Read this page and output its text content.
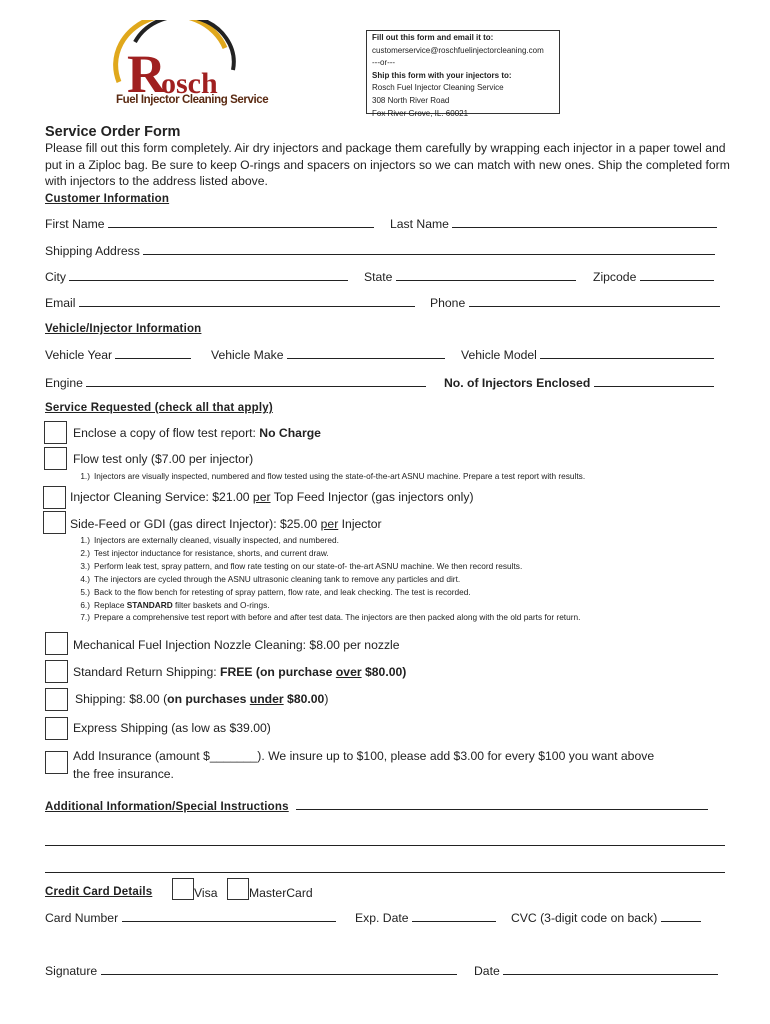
R
osch
Fuel Injector Cleaning Service
Fill out this form and email it to:
customerservice@roschfuelinjectorcleaning.com
---or---
Ship this form with your injectors to:
Rosch Fuel Injector Cleaning Service
308 North River Road
Fox River Grove, IL. 60021
Service Order Form
Please fill out this form completely. Air dry injectors and package them carefully by wrapping each injector in a paper towel and put in a Ziploc bag. Be sure to keep O-rings and spacers on injectors so we can match with new ones. Ship the completed form with injectors to the address listed above.
Customer Information
First Name	Last Name
Shipping Address
City	State	Zipcode
Email	Phone
Vehicle/Injector Information
Vehicle Year	Vehicle Make	Vehicle Model
Engine	No. of Injectors Enclosed
Service Requested (check all that apply)
Enclose a copy of flow test report: No Charge
Flow test only ($7.00 per injector)
1.) Injectors are visually inspected, numbered and flow tested using the state-of-the-art ASNU machine. Prepare a test report with results.
Injector Cleaning Service: $21.00 per Top Feed Injector (gas injectors only)
Side-Feed or GDI (gas direct Injector): $25.00 per Injector
1.) Injectors are externally cleaned, visually inspected, and numbered.
2.) Test injector inductance for resistance, shorts, and current draw.
3.) Perform leak test, spray pattern, and flow rate testing on our state-of- the-art ASNU machine. We then record results.
4.) The injectors are cycled through the ASNU ultrasonic cleaning tank to remove any particles and dirt.
5.) Back to the flow bench for retesting of spray pattern, flow rate, and leak checking. The test is recorded.
6.) Replace STANDARD filter baskets and O-rings.
7.) Prepare a comprehensive test report with before and after test data. The injectors are then packed along with the old parts for return.
Mechanical Fuel Injection Nozzle Cleaning: $8.00 per nozzle
Standard Return Shipping: FREE (on purchase over $80.00)
Shipping: $8.00 (on purchases under $80.00)
Express Shipping (as low as $39.00)
Add Insurance (amount $_______). We insure up to $100, please add $3.00 for every $100 you want above
the free insurance.
Additional Information/Special Instructions
Credit Card Details	Visa	MasterCard
Card Number	Exp. Date	CVC (3-digit code on back)
Signature	Date
